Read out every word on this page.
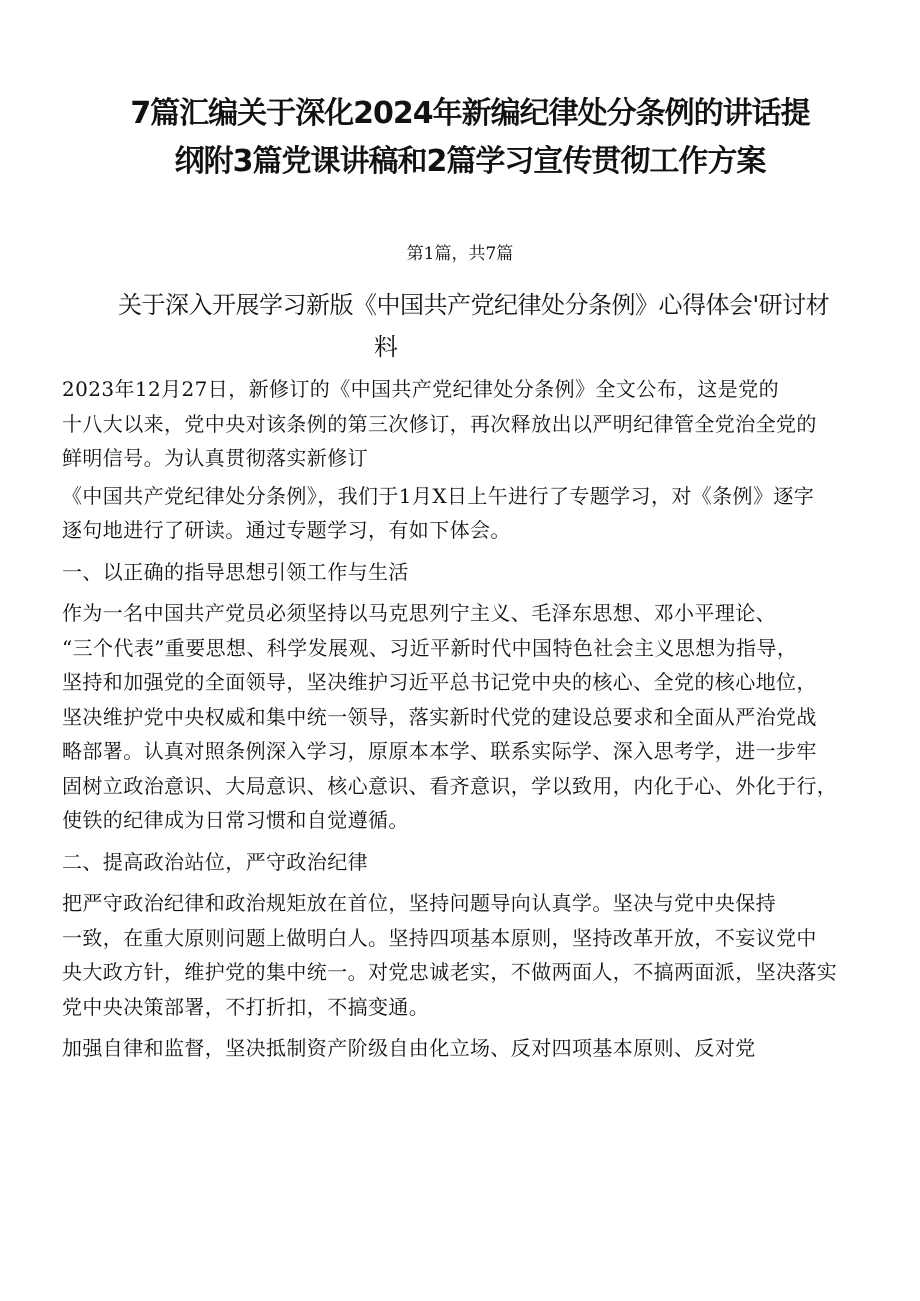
7篇汇编关于深化2024年新编纪律处分条例的讲话提
纲附3篇党课讲稿和2篇学习宣传贯彻工作方案
第1篇，共7篇
关于深入开展学习新版《中国共产党纪律处分条例》心得体会'研讨材
料

2023年12月27日，新修订的《中国共产党纪律处分条例》全文公布，这是党的
十八大以来，党中央对该条例的第三次修订，再次释放出以严明纪律管全党治全党的
鲜明信号。为认真贯彻落实新修订

《中国共产党纪律处分条例》，我们于1月X日上午进行了专题学习，对《条例》逐字
逐句地进行了研读。通过专题学习，有如下体会。

一、以正确的指导思想引领工作与生活

作为一名中国共产党员必须坚持以马克思列宁主义、毛泽东思想、邓小平理论、
“三个代表”重要思想、科学发展观、习近平新时代中国特色社会主义思想为指导，
坚持和加强党的全面领导，坚决维护习近平总书记党中央的核心、全党的核心地位，
坚决维护党中央权威和集中统一领导，落实新时代党的建设总要求和全面从严治党战
略部署。认真对照条例深入学习，原原本本学、联系实际学、深入思考学，进一步牢
固树立政治意识、大局意识、核心意识、看齐意识，学以致用，内化于心、外化于行，
使铁的纪律成为日常习惯和自觉遵循。

二、提高政治站位，严守政治纪律

把严守政治纪律和政治规矩放在首位，坚持问题导向认真学。坚决与党中央保持
一致，在重大原则问题上做明白人。坚持四项基本原则，坚持改革开放，不妄议党中
央大政方针，维护党的集中统一。对党忠诚老实，不做两面人，不搞两面派，坚决落实
党中央决策部署，不打折扣，不搞变通。

加强自律和监督，坚决抵制资产阶级自由化立场、反对四项基本原则、反对党
